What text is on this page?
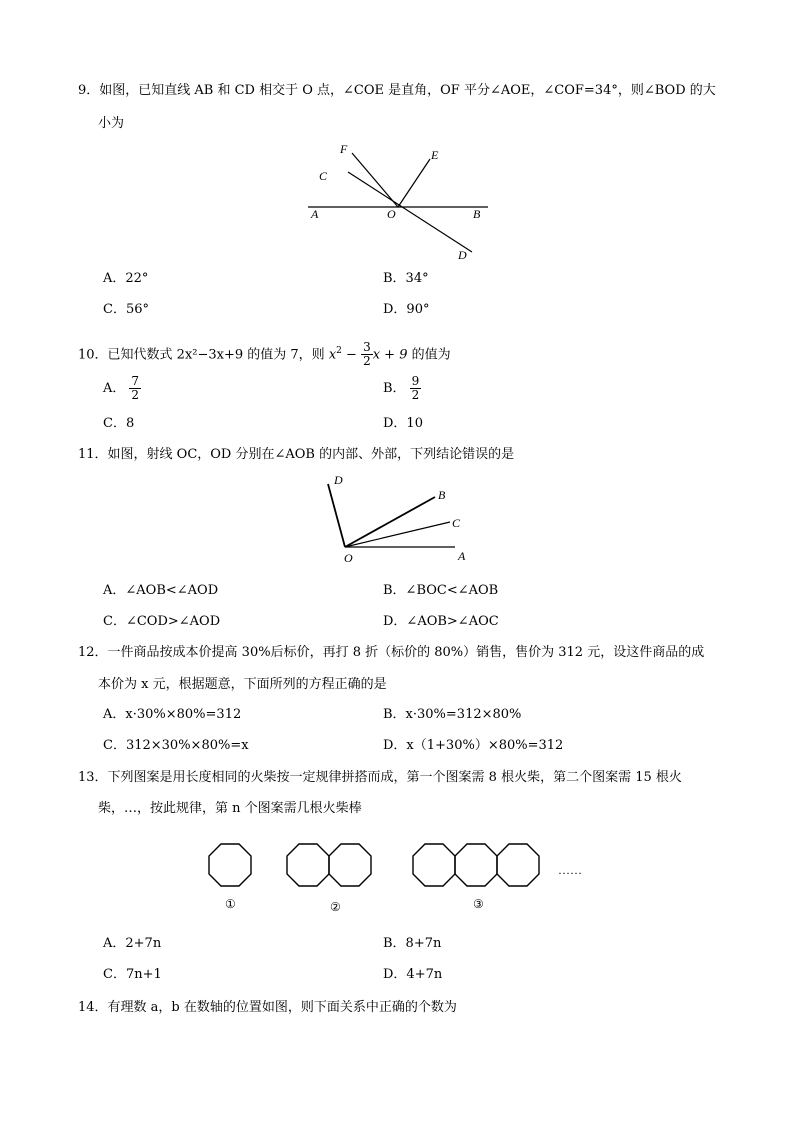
9．如图，已知直线 AB 和 CD 相交于 O 点，∠COE 是直角，OF 平分∠AOE，∠COF=34°，则∠BOD 的大
小为
F	E
C
A	O	B
D
A．22°	B．34°
C．56°	D．90°
10．已知代数式 2x²−3x+9 的值为 7，则 $x^2 - \frac{3}{2}$ x + 9 的值为
A． $\frac{7}{2}$	B． $\frac{9}{2}$
C．8	D．10
11．如图，射线 OC，OD 分别在∠AOB 的内部、外部，下列结论错误的是
D
B
C
O	A
A．∠AOB<∠AOD	B．∠BOC<∠AOB
C．∠COD>∠AOD	D．∠AOB>∠AOC
12．一件商品按成本价提高 30%后标价，再打 8 折（标价的 80%）销售，售价为 312 元，设这件商品的成
本价为 x 元，根据题意，下面所列的方程正确的是
A．x·30%×80%=312	B．x·30%=312×80%
C．312×30%×80%=x	D．x（1+30%）×80%=312
13．下列图案是用长度相同的火柴按一定规律拼搭而成，第一个图案需 8 根火柴，第二个图案需 15 根火
柴，…，按此规律，第 n 个图案需几根火柴棒
……
①	②	③
A．2+7n	B．8+7n
C．7n+1	D．4+7n
14．有理数 a，b 在数轴的位置如图，则下面关系中正确的个数为
